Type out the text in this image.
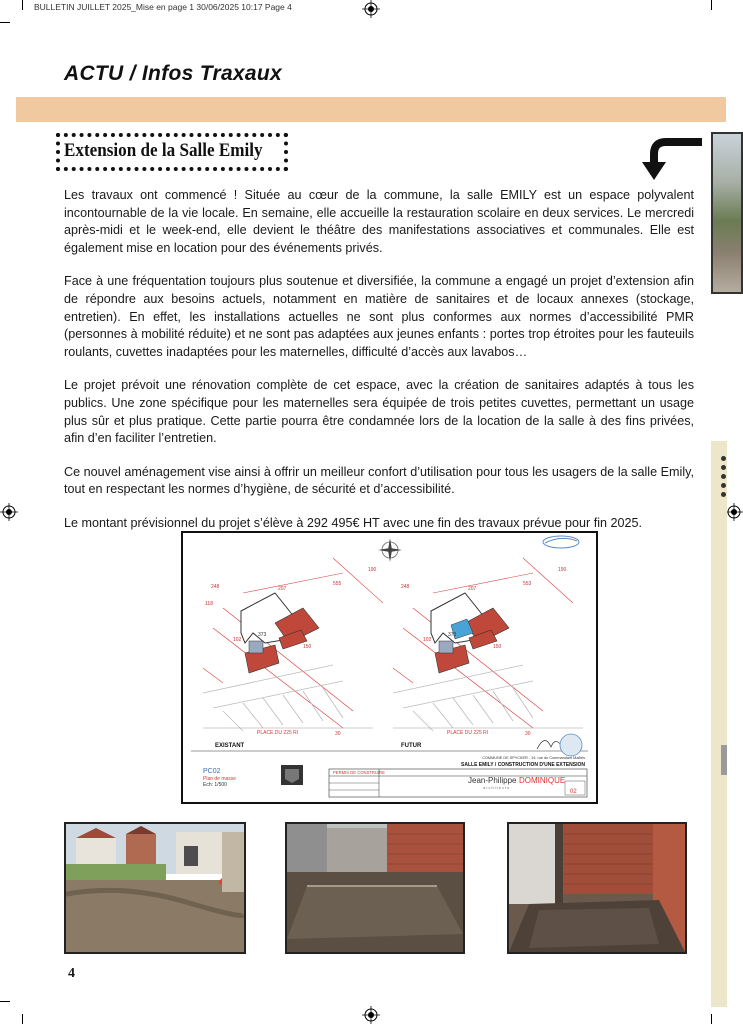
BULLETIN JUILLET 2025_Mise en page 1 30/06/2025 10:17 Page 4
ACTU / Infos Traxaux
Extension de la Salle Emily

Les travaux ont commencé ! Située au cœur de la commune, la salle EMILY est un espace polyvalent incontournable de la vie locale. En semaine, elle accueille la restauration scolaire en deux services. Le mercredi après-midi et le week-end, elle devient le théâtre des manifestations associatives et communales. Elle est également mise en location pour des événements privés.

Face à une fréquentation toujours plus soutenue et diversifiée, la commune a engagé un projet d’extension afin de répondre aux besoins actuels, notamment en matière de sanitaires et de locaux annexes (stockage, entretien). En effet, les installations actuelles ne sont plus conformes aux normes d’accessibilité PMR (personnes à mobilité réduite) et ne sont pas adaptées aux jeunes enfants : portes trop étroites pour les fauteuils roulants, cuvettes inadaptées pour les maternelles, difficulté d’accès aux lavabos…

Le projet prévoit une rénovation complète de cet espace, avec la création de sanitaires adaptés à tous les publics. Une zone spécifique pour les maternelles sera équipée de trois petites cuvettes, permettant un usage plus sûr et plus pratique. Cette partie pourra être condamnée lors de la location de la salle à des fins privées, afin d’en faciliter l’entretien.

Ce nouvel aménagement vise ainsi à offrir un meilleur confort d’utilisation pour tous les usagers de la salle Emily, tout en respectant les normes d’hygiène, de sécurité et d’accessibilité.

Le montant prévisionnel du projet s’élève à 292 495€ HT avec une fin des travaux prévue pour fin 2025.

248	207
555
118
102
373
150
190
30
PLACE DU 225 RI
EXISTANT
248	207
553
102
373
150
190
30
PLACE DU 225 RI
FUTUR
PC02
Plan de masse
Ech: 1/500
PERMIS DE CONSTRUIRE
COMMUNE DE SPYCKER - 19, rue du Commandant Malliès
SALLE EMILY / CONSTRUCTION D'UNE EXTENSION
Jean-Philippe DOMINIQUE
architecte
02
4
